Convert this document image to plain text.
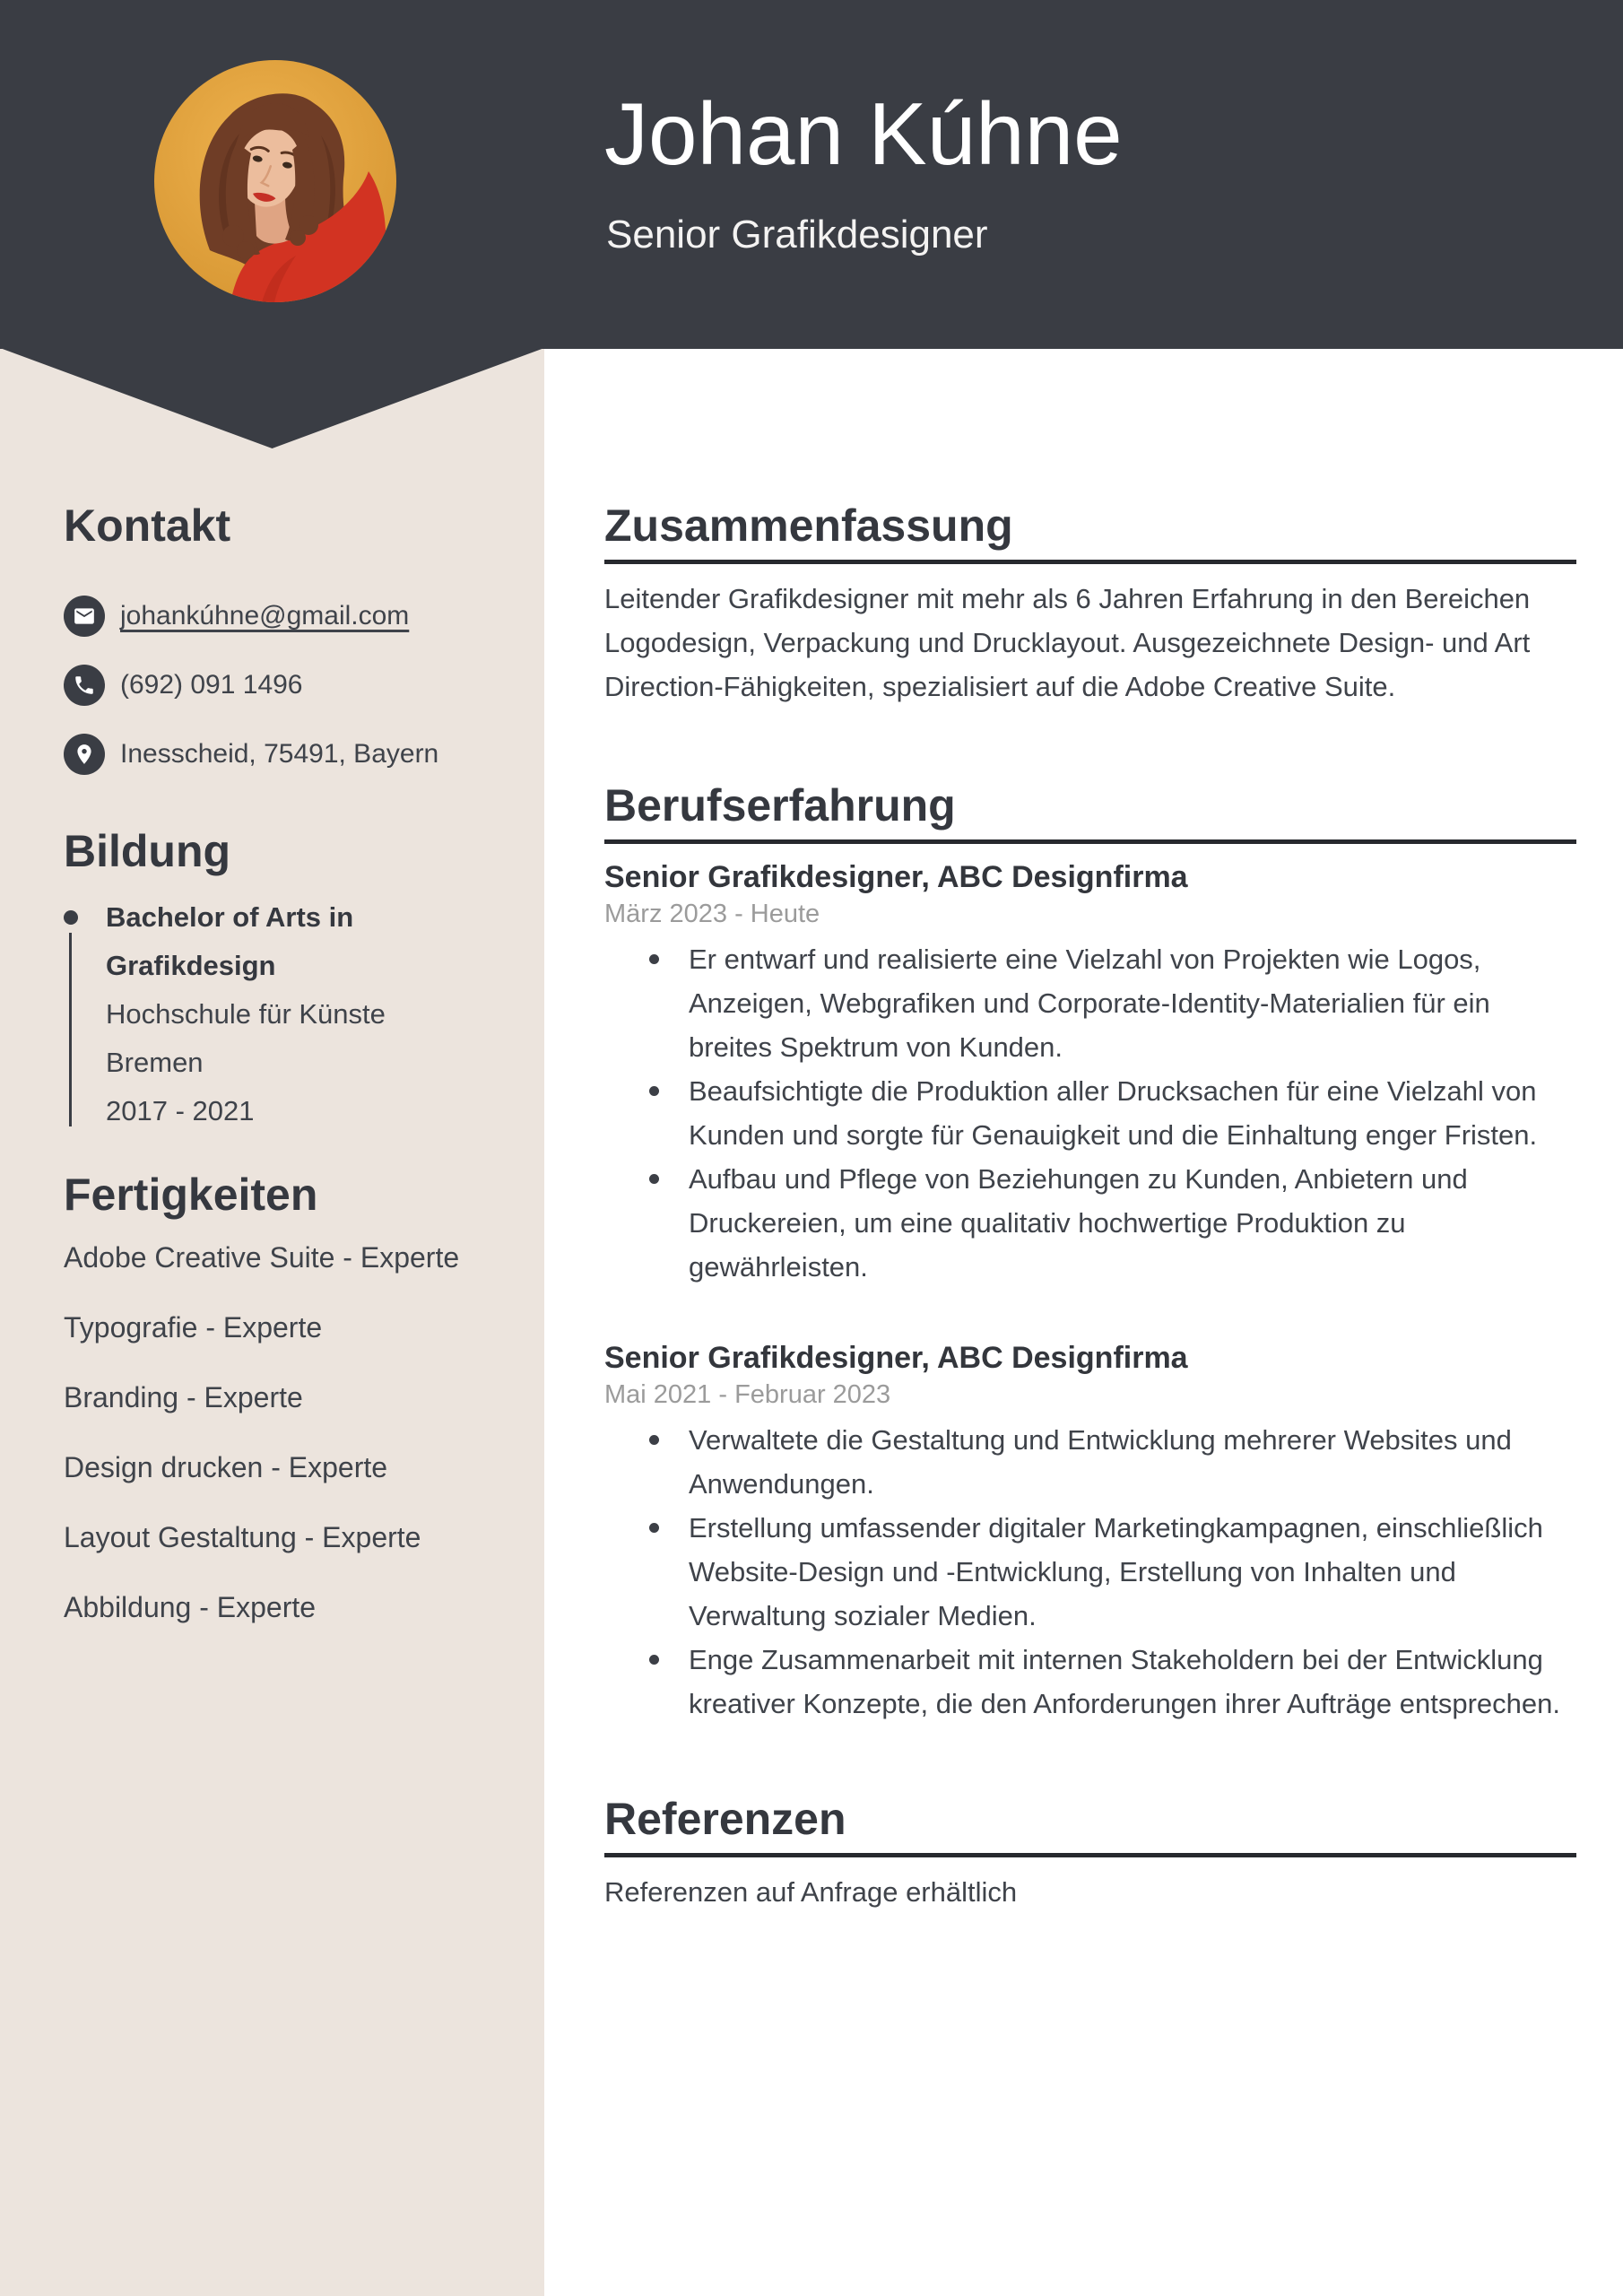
Johan Kúhne
Senior Grafikdesigner
Kontakt
johankúhne@gmail.com
(692) 091 1496
Inesscheid, 75491, Bayern
Bildung

Bachelor of Arts in Grafikdesign

Hochschule für Künste Bremen

2017 - 2021

Fertigkeiten
Adobe Creative Suite - Experte
Typografie - Experte
Branding - Experte
Design drucken - Experte
Layout Gestaltung - Experte
Abbildung - Experte
Zusammenfassung

Leitender Grafikdesigner mit mehr als 6 Jahren Erfahrung in den Bereichen Logodesign, Verpackung und Drucklayout. Ausgezeichnete Design- und Art Direction-Fähigkeiten, spezialisiert auf die Adobe Creative Suite.

Berufserfahrung

Senior Grafikdesigner, ABC Designfirma

März 2023 - Heute

Er entwarf und realisierte eine Vielzahl von Projekten wie Logos, Anzeigen, Webgrafiken und Corporate-Identity-Materialien für ein breites Spektrum von Kunden.
Beaufsichtigte die Produktion aller Drucksachen für eine Vielzahl von Kunden und sorgte für Genauigkeit und die Einhaltung enger Fristen.
Aufbau und Pflege von Beziehungen zu Kunden, Anbietern und Druckereien, um eine qualitativ hochwertige Produktion zu gewährleisten.

Senior Grafikdesigner, ABC Designfirma

Mai 2021 - Februar 2023

Verwaltete die Gestaltung und Entwicklung mehrerer Websites und Anwendungen.
Erstellung umfassender digitaler Marketingkampagnen, einschließlich Website-Design und -Entwicklung, Erstellung von Inhalten und Verwaltung sozialer Medien.
Enge Zusammenarbeit mit internen Stakeholdern bei der Entwicklung kreativer Konzepte, die den Anforderungen ihrer Aufträge entsprechen.
Referenzen

Referenzen auf Anfrage erhältlich
